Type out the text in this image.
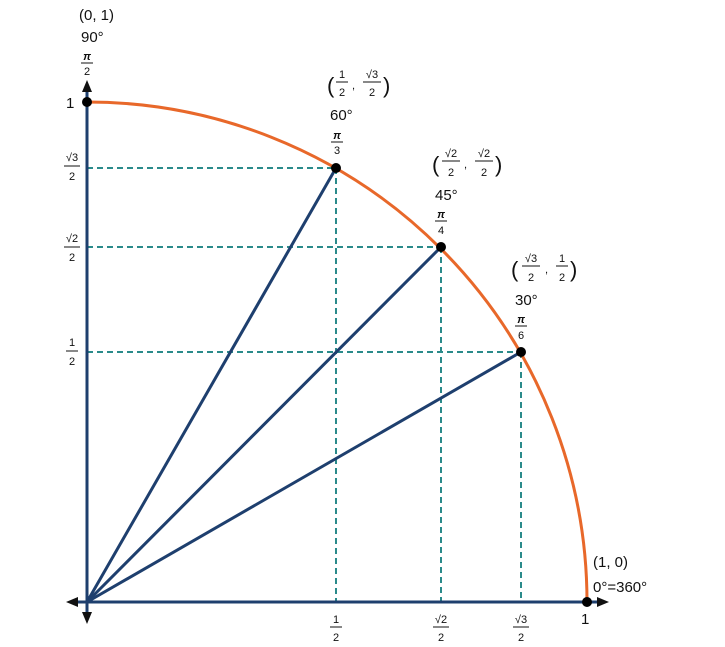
1
1
√3
2
√2
2
1
2
1
2
√2
2
√3
2
(0, 1)
90°
π
2
( 1
2
,
√3
2 )
60°
π
3
( √2
2
,
√2
2 )
45°
π
4
( √3
2
,
1
2 )
30°
π
6
(1, 0)
0°=360°
